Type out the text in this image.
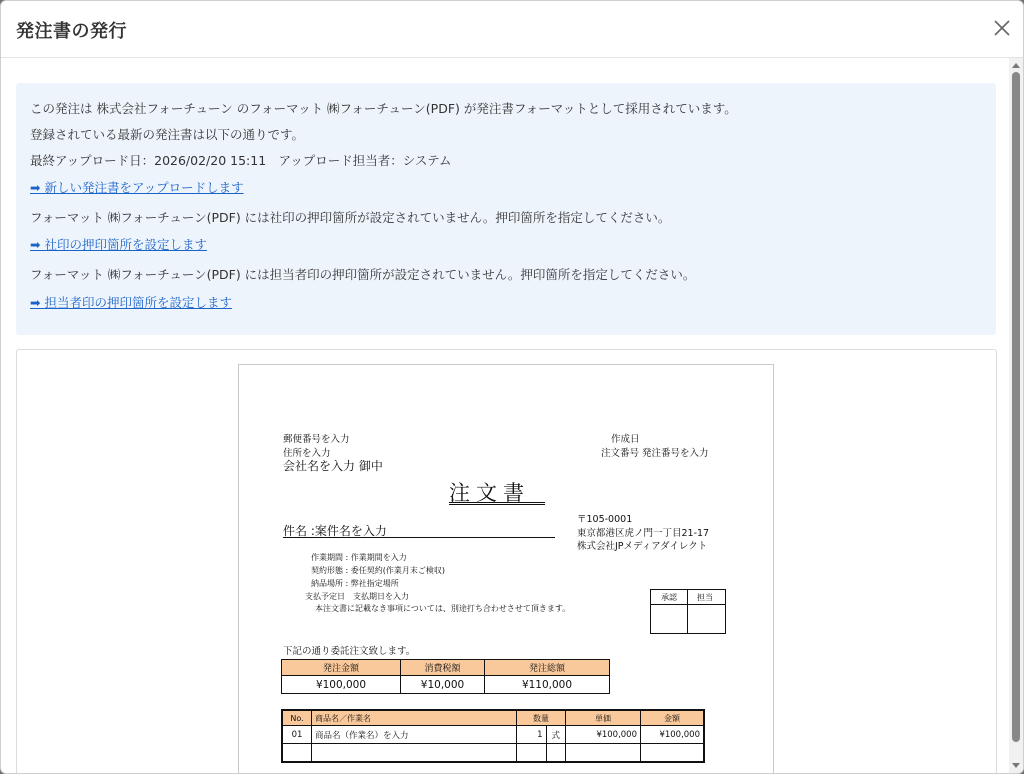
発注書の発行
この発注は 株式会社フォーチューン のフォーマット ㈱フォーチューン(PDF) が発注書フォーマットとして採用されています。
登録されている最新の発注書は以下の通りです。
最終アップロード日：2026/02/20 15:11　アップロード担当者：システム
➡ 新しい発注書をアップロードします
フォーマット ㈱フォーチューン(PDF) には社印の押印箇所が設定されていません。押印箇所を指定してください。
➡ 社印の押印箇所を設定します
フォーマット ㈱フォーチューン(PDF) には担当者印の押印箇所が設定されていません。押印箇所を指定してください。
➡ 担当者印の押印箇所を設定します
郵便番号を入力
住所を入力
会社名を入力 御中
作成日
注文番号 発注番号を入力
注文書
件名 :案件名を入力
〒105-0001
東京都港区虎ノ門一丁目21-17
株式会社JPメディアダイレクト
作業期間 : 作業期間を入力
契約形態 : 委任契約(作業月末ご検収)
納品場所 : 弊社指定場所
支払予定日　支払期日を入力
本注文書に記載なき事項については、別途打ち合わせさせて頂きます。
承認	担当
下記の通り委託注文致します。
発注金額	消費税額	発注総額
¥100,000	¥10,000	¥110,000
No.	商品名／作業名	数量		単価	金額
01	商品名（作業名）を入力	1	式	¥100,000	¥100,000
